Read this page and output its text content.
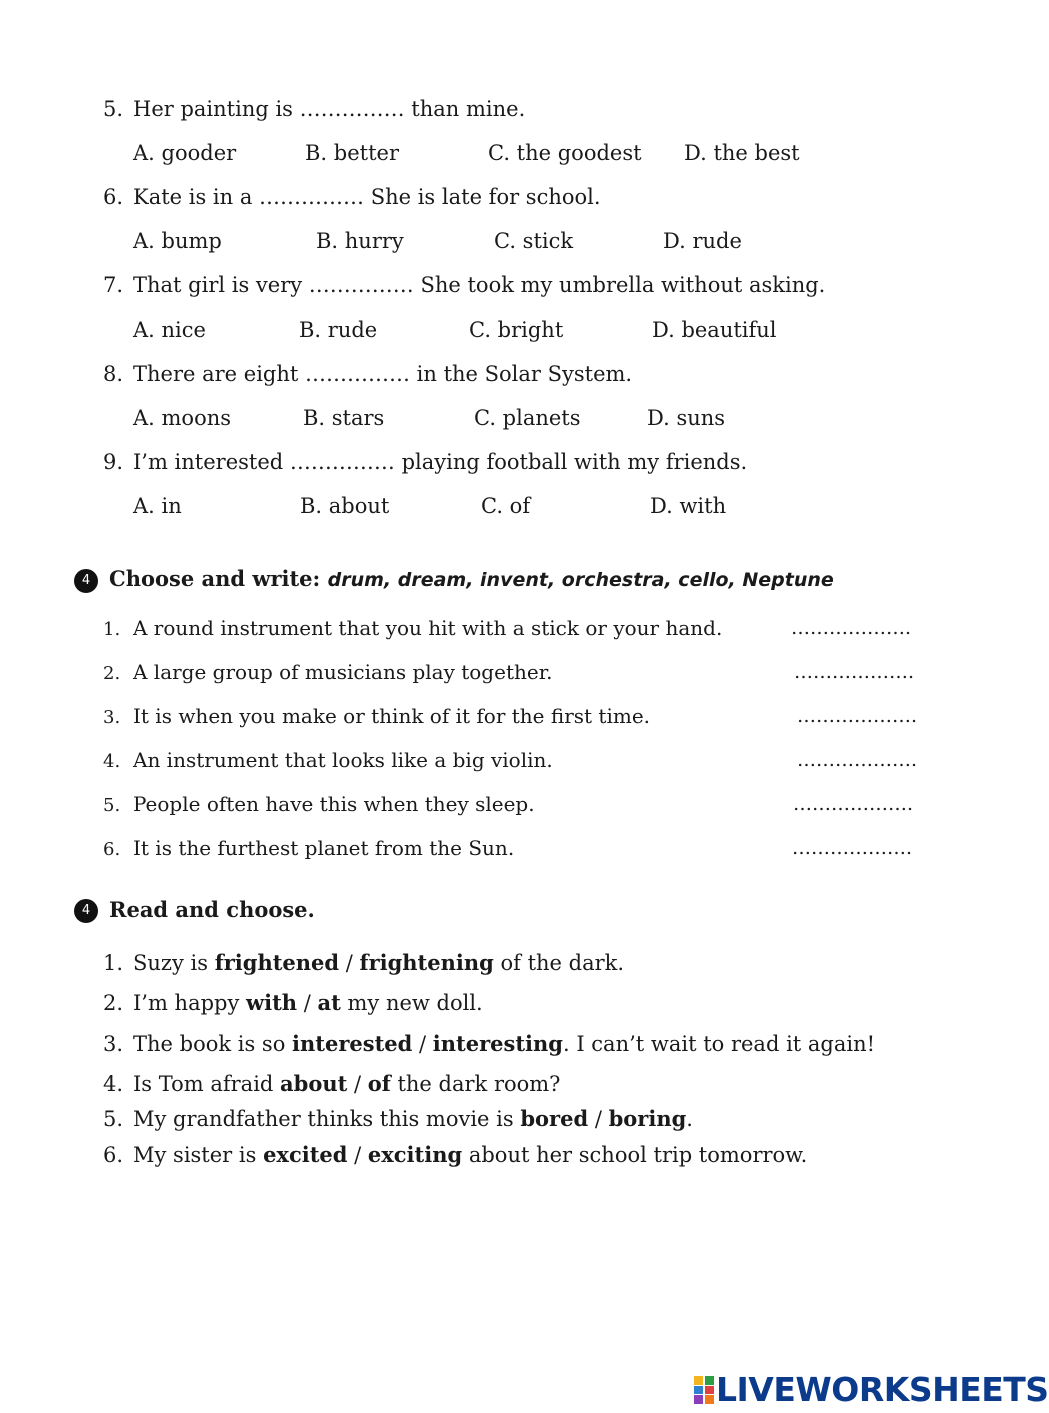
5. Her painting is …………… than mine.
A. gooder	B. better	C. the goodest D. the best
6. Kate is in a …………… She is late for school.
A. bump	B. hurry	C. stick	D. rude
7. That girl is very …………… She took my umbrella without asking.
A. nice	B. rude	C. bright	D. beautiful
8. There are eight …………… in the Solar System.
A. moons	B. stars	C. planets	D. suns
9. I’m interested …………… playing football with my friends.
A. in	B. about	C. of	D. with
4 Choose and write: drum, dream, invent, orchestra, cello, Neptune
1. A round instrument that you hit with a stick or your hand.	……………….
2. A large group of musicians play together.	……………….
3. It is when you make or think of it for the first time.	……………….
4. An instrument that looks like a big violin.	……………….
5. People often have this when they sleep.	……………….
6. It is the furthest planet from the Sun.	……………….
4 Read and choose.
1. Suzy is frightened / frightening of the dark.
2. I’m happy with / at my new doll.
3. The book is so interested / interesting. I can’t wait to read it again!
4. Is Tom afraid about / of the dark room?
5. My grandfather thinks this movie is bored / boring.
6. My sister is excited / exciting about her school trip tomorrow.
LIVEWORKSHEETS
